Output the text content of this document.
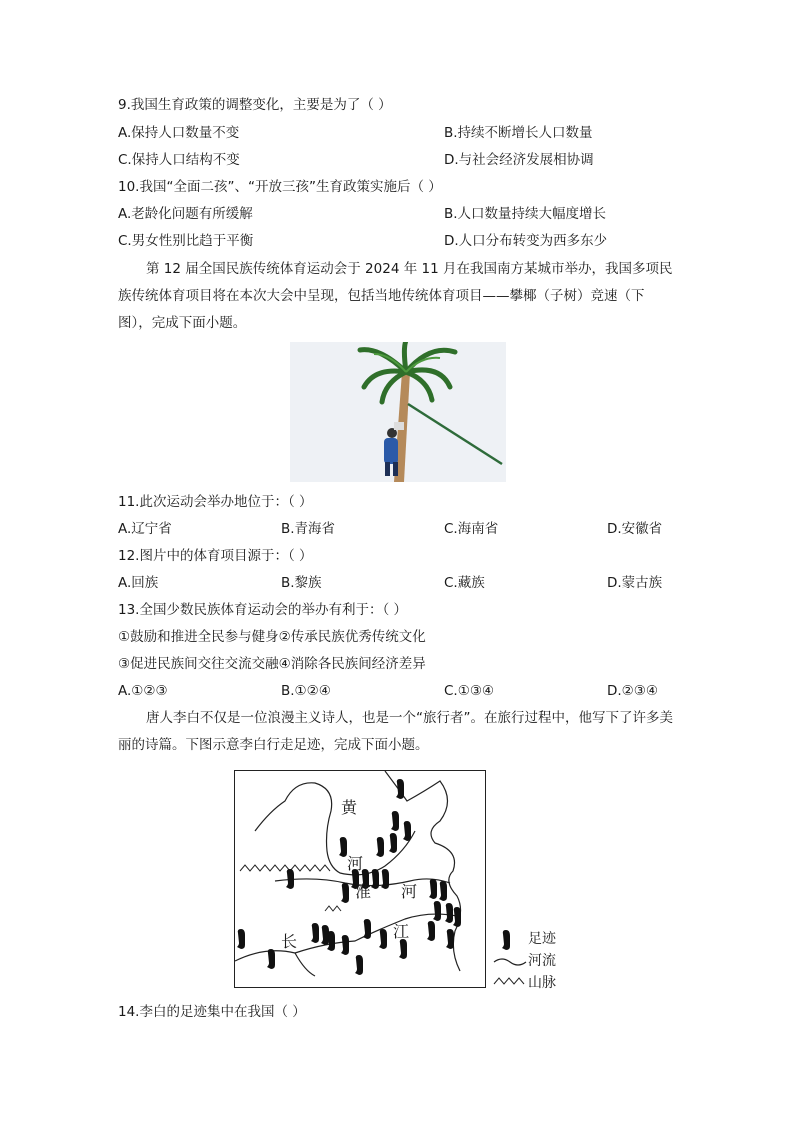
9.我国生育政策的调整变化，主要是为了（ ）
A.保持人口数量不变	B.持续不断增长人口数量
C.保持人口结构不变	D.与社会经济发展相协调
10.我国“全面二孩”、“开放三孩”生育政策实施后（ ）
A.老龄化问题有所缓解	B.人口数量持续大幅度增长
C.男女性别比趋于平衡	D.人口分布转变为西多东少
第 12 届全国民族传统体育运动会于 2024 年 11 月在我国南方某城市举办，我国多项民族传统体育项目将在本次大会中呈现，包括当地传统体育项目——攀椰（子树）竞速（下图），完成下面小题。
11.此次运动会举办地位于：（ ）
A.辽宁省	B.青海省	C.海南省	D.安徽省
12.图片中的体育项目源于：（ ）
A.回族	B.黎族	C.藏族	D.蒙古族
13.全国少数民族体育运动会的举办有利于：（ ）
①鼓励和推进全民参与健身②传承民族优秀传统文化
③促进民族间交往交流交融④消除各民族间经济差异
A.①②③	B.①②④	C.①③④	D.②③④
唐人李白不仅是一位浪漫主义诗人，也是一个“旅行者”。在旅行过程中，他写下了许多美丽的诗篇。下图示意李白行走足迹，完成下面小题。
黄
河
淮 河
长
江	足迹
河流
山脉
14.李白的足迹集中在我国（ ）
